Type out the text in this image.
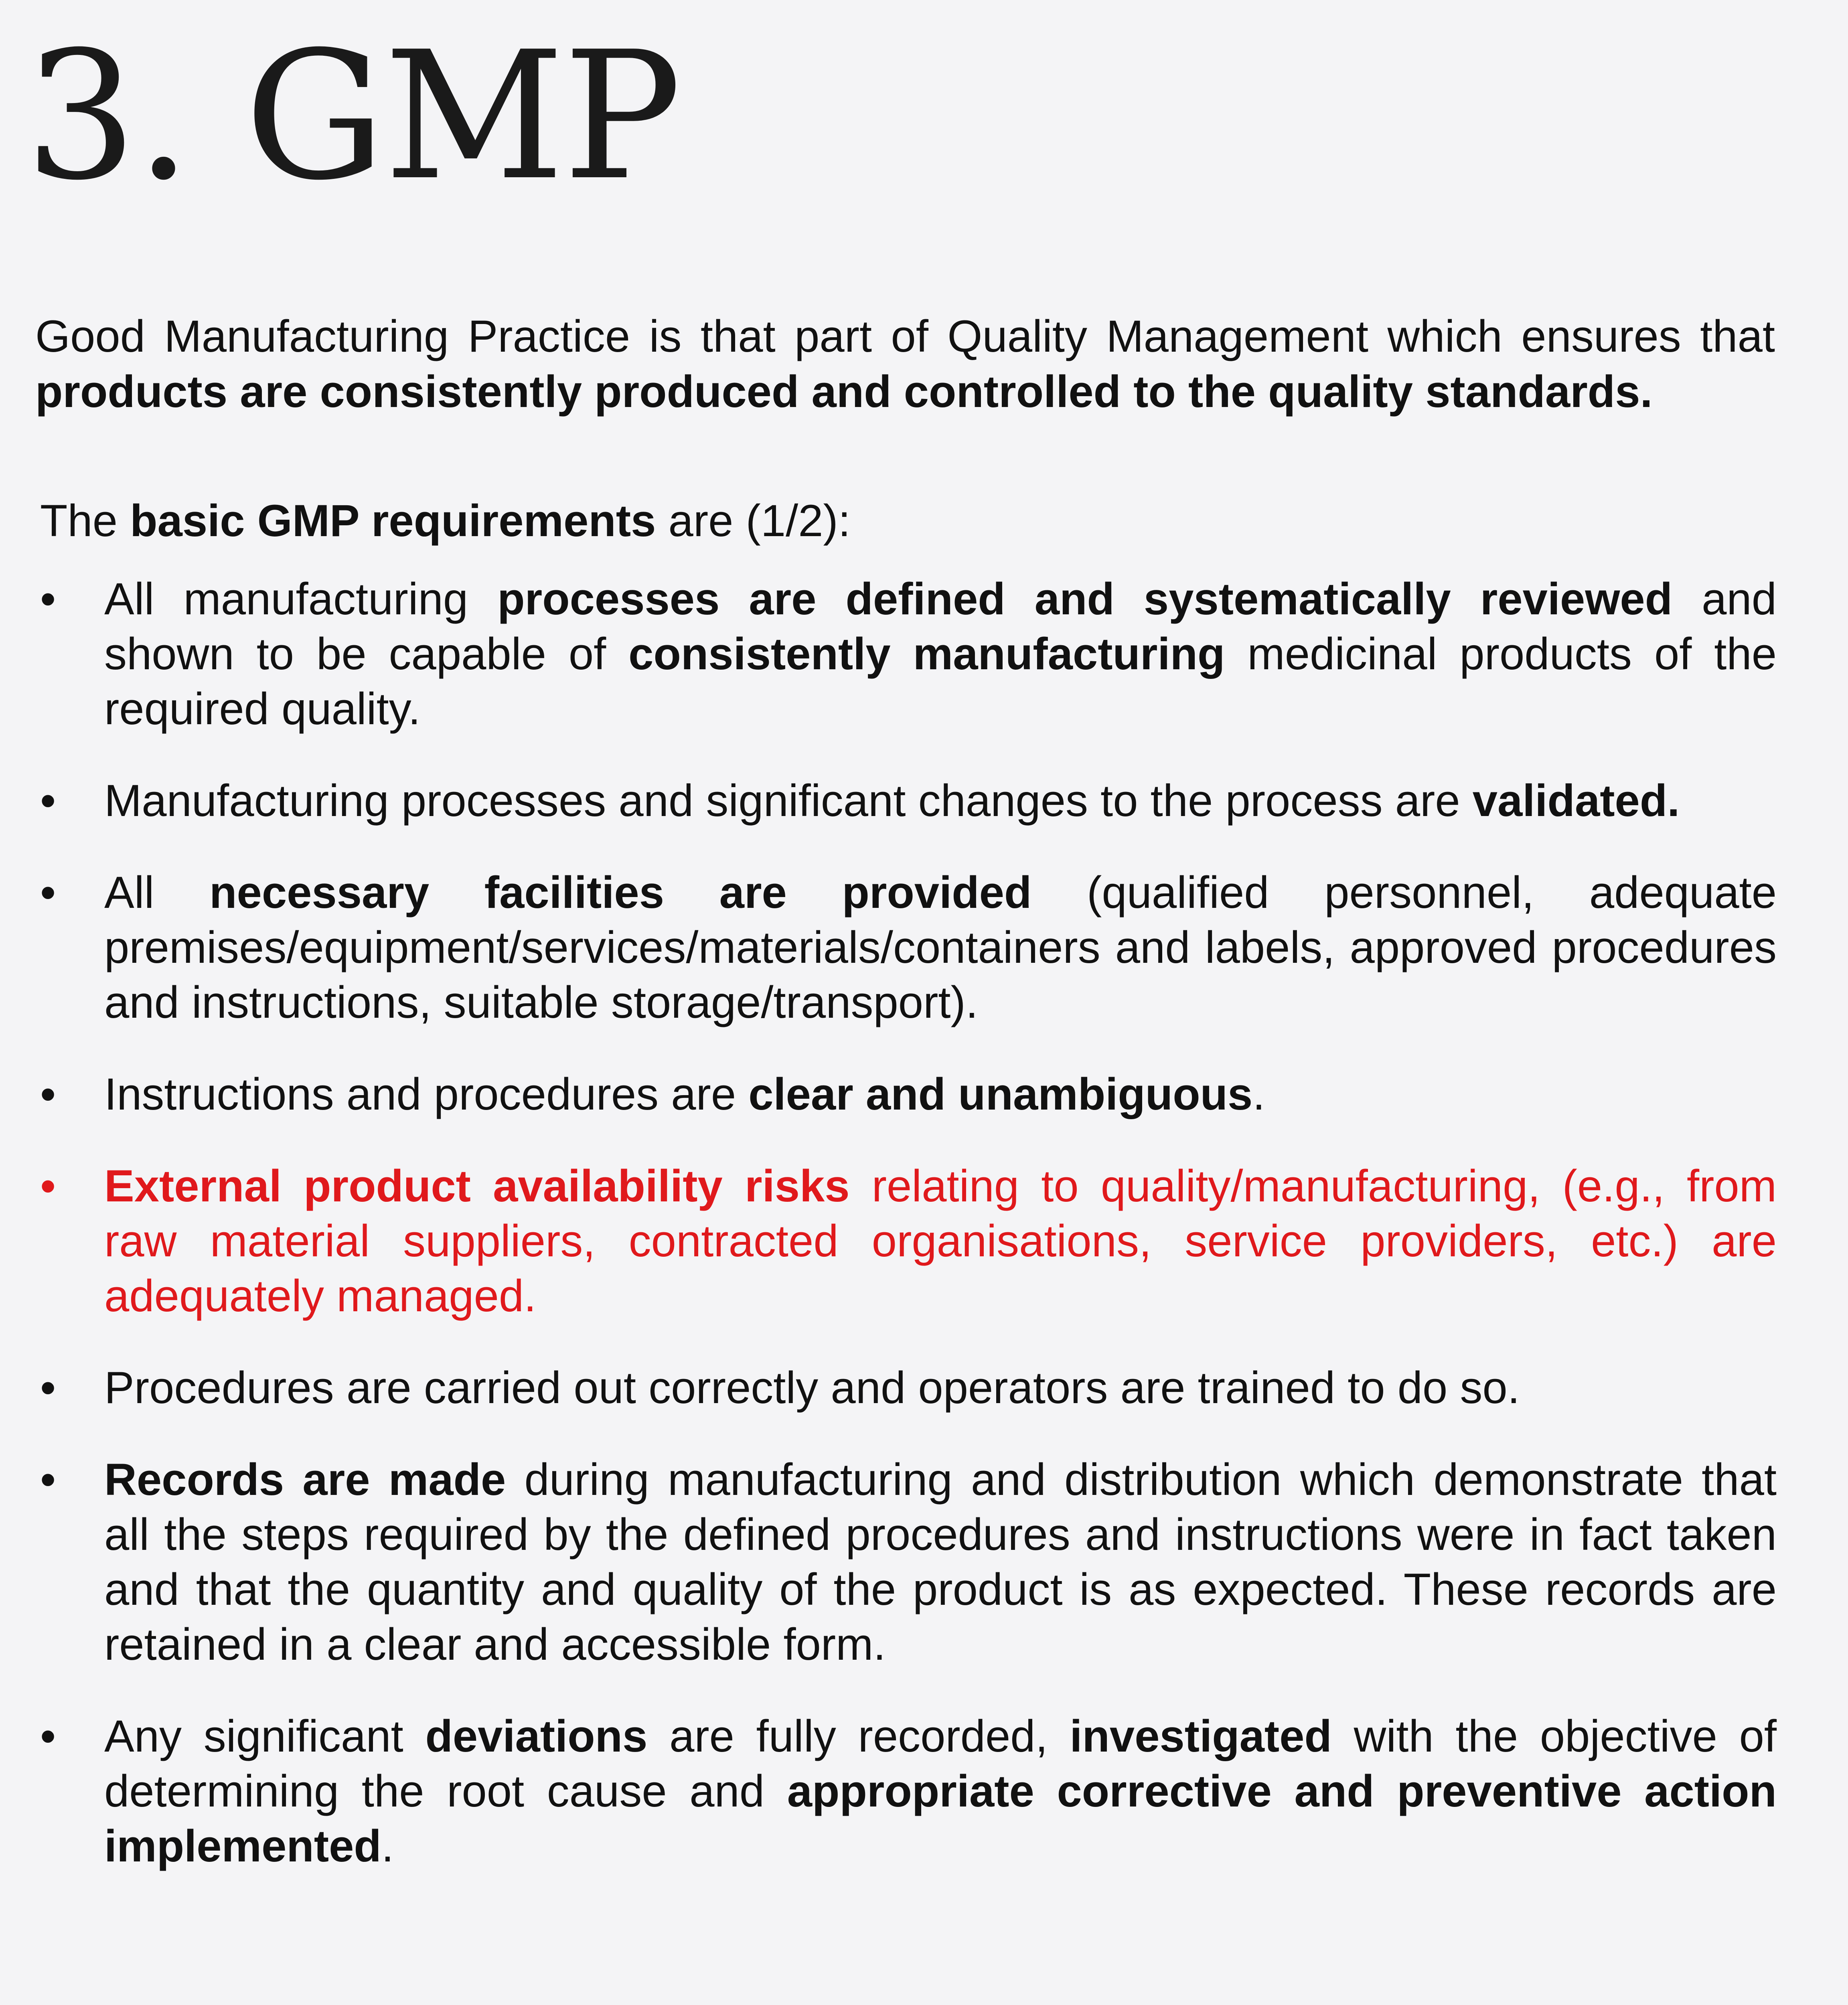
3. GMP

Good Manufacturing Practice is that part of Quality Management which ensures that products are consistently produced and controlled to the quality standards.

The basic GMP requirements are (1/2):

• All manufacturing processes are defined and systematically reviewed and shown to be capable of consistently manufacturing medicinal products of the required quality.
• Manufacturing processes and significant changes to the process are validated.
• All necessary facilities are provided (qualified personnel, adequate premises/equipment/services/materials/containers and labels, approved procedures and instructions, suitable storage/transport).
• Instructions and procedures are clear and unambiguous.
• External product availability risks relating to quality/manufacturing, (e.g., from raw material suppliers, contracted organisations, service providers, etc.) are adequately managed.
• Procedures are carried out correctly and operators are trained to do so.
• Records are made during manufacturing and distribution which demonstrate that all the steps required by the defined procedures and instructions were in fact taken and that the quantity and quality of the product is as expected. These records are retained in a clear and accessible form.
• Any significant deviations are fully recorded, investigated with the objective of determining the root cause and appropriate corrective and preventive action implemented.
